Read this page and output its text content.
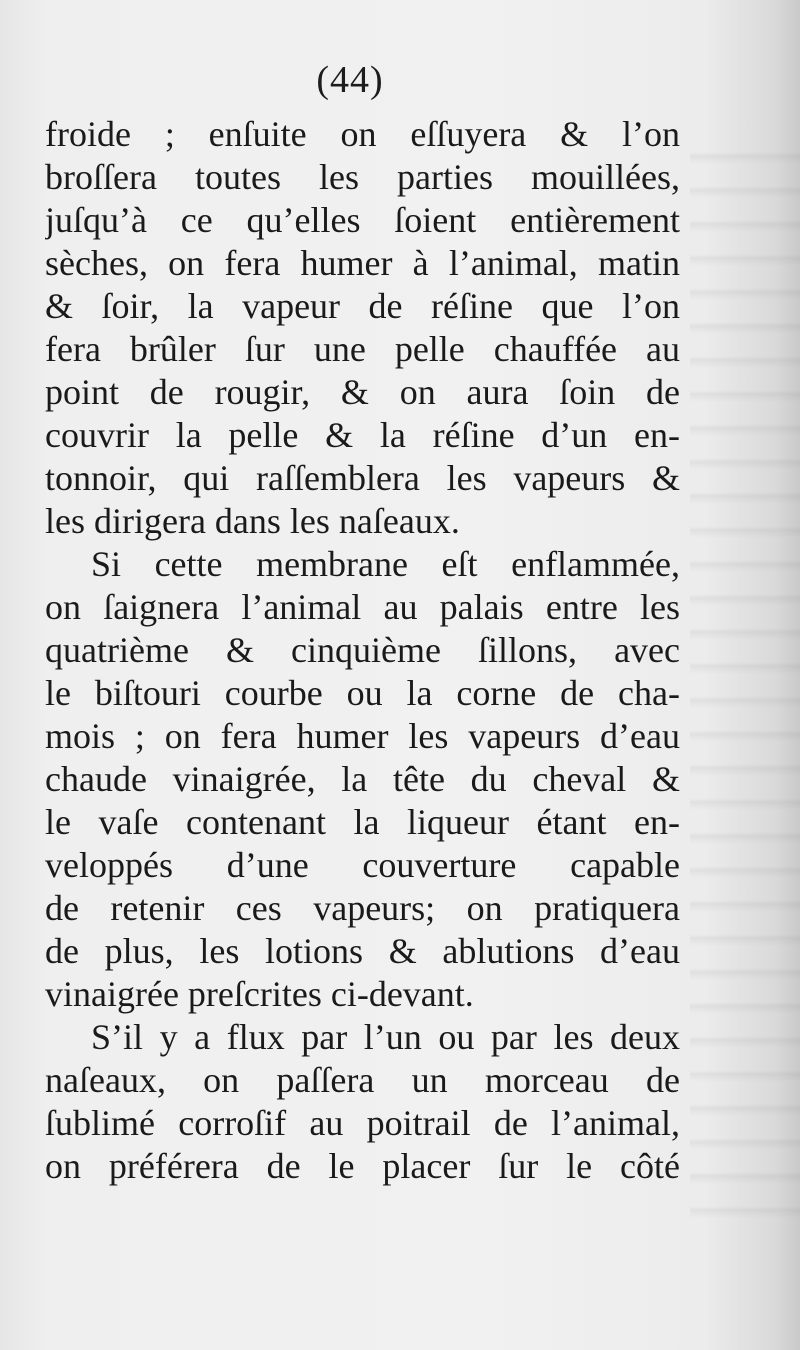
(44)
froide ; enſuite on eſſuyera & l’on
broſſera toutes les parties mouillées,
juſqu’à ce qu’elles ſoient entièrement
sèches, on fera humer à l’animal, matin
& ſoir, la vapeur de réſine que l’on
fera brûler ſur une pelle chauffée au
point de rougir, & on aura ſoin de
couvrir la pelle & la réſine d’un en-
tonnoir, qui raſſemblera les vapeurs &
les dirigera dans les naſeaux.
Si cette membrane eſt enflammée,
on ſaignera l’animal au palais entre les
quatrième & cinquième ſillons, avec
le biſtouri courbe ou la corne de cha-
mois ; on fera humer les vapeurs d’eau
chaude vinaigrée, la tête du cheval &
le vaſe contenant la liqueur étant en-
veloppés d’une couverture capable
de retenir ces vapeurs; on pratiquera
de plus, les lotions & ablutions d’eau
vinaigrée preſcrites ci-devant.
S’il y a flux par l’un ou par les deux
naſeaux, on paſſera un morceau de
ſublimé corroſif au poitrail de l’animal,
on préférera de le placer ſur le côté
